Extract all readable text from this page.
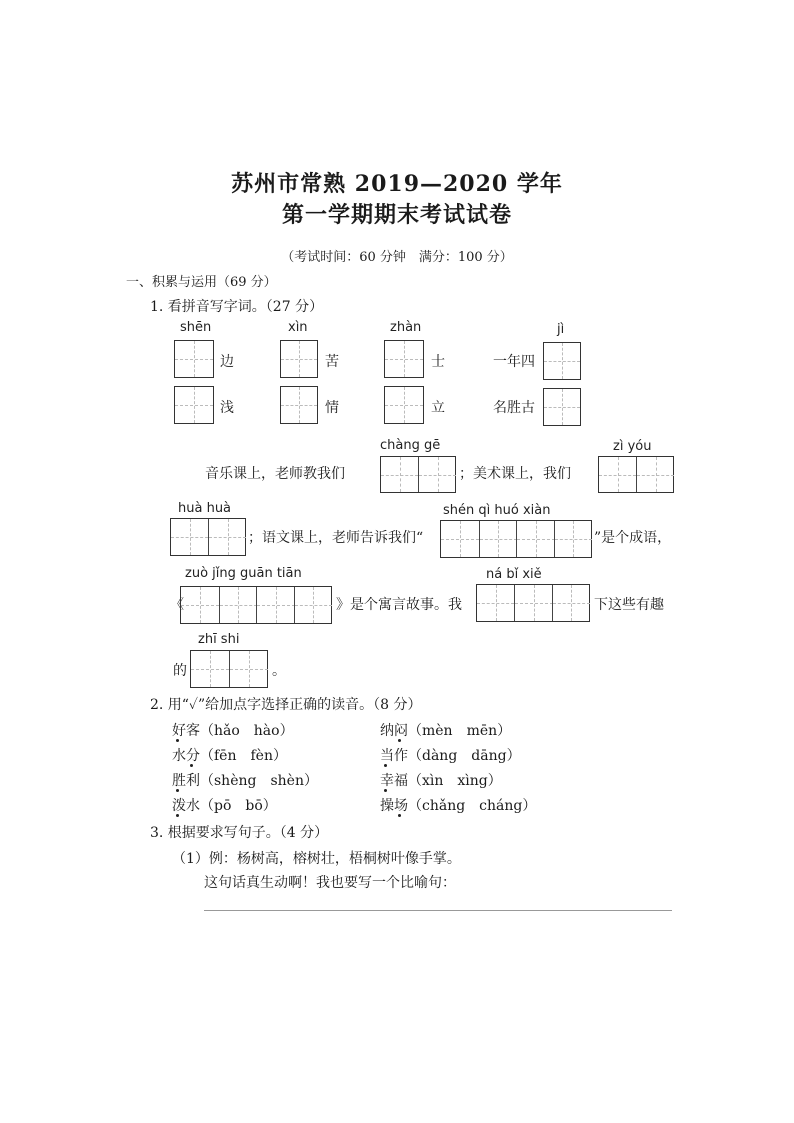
苏州市常熟 2019—2020 学年
第一学期期末考试试卷
（考试时间：60 分钟　满分：100 分）
一、积累与运用（69 分）
1. 看拼音写字词。（27 分）
shēn	xìn	zhàn	jì
边	苦	士	一年四
浅	情	立	名胜古
chàng gē	zì yóu
音乐课上，老师教我们	；美术课上，我们
huà huà	shén qì huó xiàn
；语文课上，老师告诉我们“	”是个成语，
zuò jǐng guān tiān	ná bǐ xiě
《	》是个寓言故事。我	下这些有趣
zhī shi
的	。
2. 用“✓”给加点字选择正确的读音。（8 分）
好客（hǎo　hào）	纳闷（mèn　mēn）
水分（fēn　fèn）	当作（dàng　dāng）
胜利（shèng　shèn）	幸福（xìn　xìng）
泼水（pō　bō）	操场（chǎng　cháng）
3. 根据要求写句子。（4 分）
（1）例：杨树高，榕树壮，梧桐树叶像手掌。
这句话真生动啊！我也要写一个比喻句：
